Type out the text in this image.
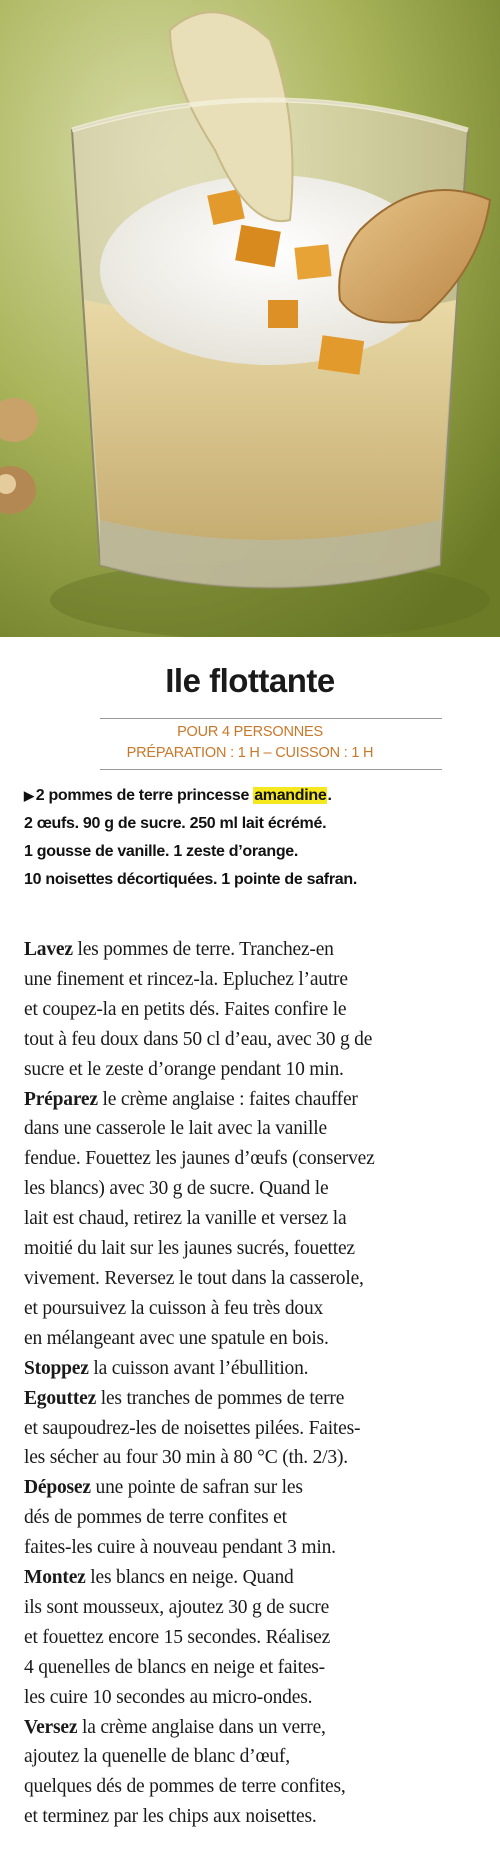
Ile flottante
POUR 4 PERSONNES
PRÉPARATION : 1 H – CUISSON : 1 H
▶ 2 pommes de terre princesse amandine.
2 œufs. 90 g de sucre. 250 ml lait écrémé.
1 gousse de vanille. 1 zeste d’orange.
10 noisettes décortiquées. 1 pointe de safran.
Lavez les pommes de terre. Tranchez-en
une finement et rincez-la. Epluchez l’autre
et coupez-la en petits dés. Faites confire le
tout à feu doux dans 50 cl d’eau, avec 30 g de
sucre et le zeste d’orange pendant 10 min.
Préparez le crème anglaise : faites chauffer
dans une casserole le lait avec la vanille
fendue. Fouettez les jaunes d’œufs (conservez
les blancs) avec 30 g de sucre. Quand le
lait est chaud, retirez la vanille et versez la
moitié du lait sur les jaunes sucrés, fouettez
vivement. Reversez le tout dans la casserole,
et poursuivez la cuisson à feu très doux
en mélangeant avec une spatule en bois.
Stoppez la cuisson avant l’ébullition.
Egouttez les tranches de pommes de terre
et saupoudrez-les de noisettes pilées. Faites-
les sécher au four 30 min à 80 °C (th. 2/3).
Déposez une pointe de safran sur les
dés de pommes de terre confites et
faites-les cuire à nouveau pendant 3 min.
Montez les blancs en neige. Quand
ils sont mousseux, ajoutez 30 g de sucre
et fouettez encore 15 secondes. Réalisez
4 quenelles de blancs en neige et faites-
les cuire 10 secondes au micro-ondes.
Versez la crème anglaise dans un verre,
ajoutez la quenelle de blanc d’œuf,
quelques dés de pommes de terre confites,
et terminez par les chips aux noisettes.
